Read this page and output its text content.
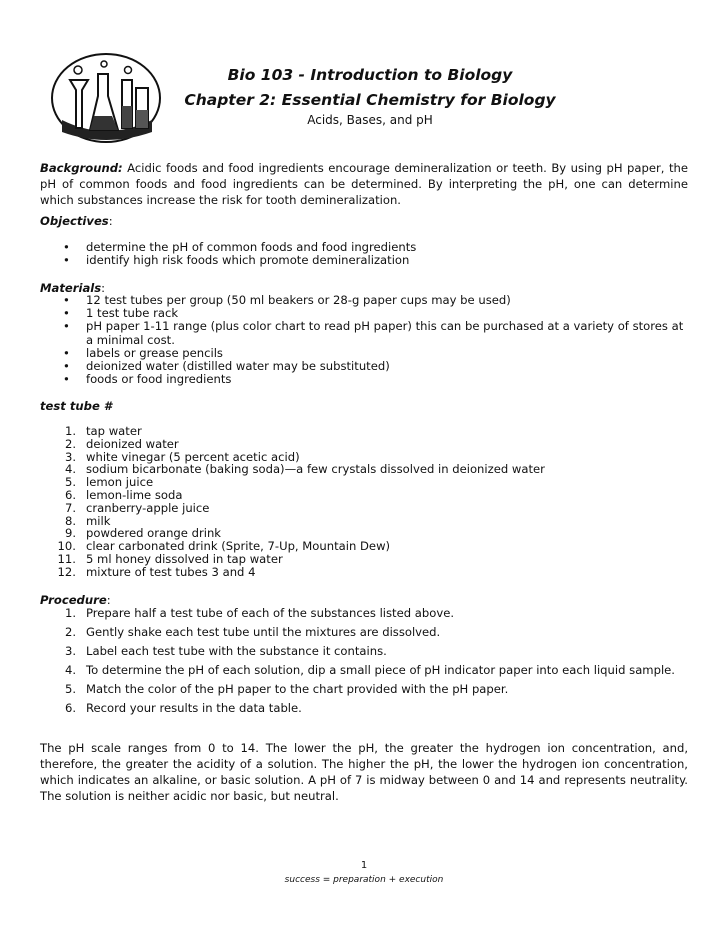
Bio 103 - Introduction to Biology
Chapter 2: Essential Chemistry for Biology
Acids, Bases, and pH

Background: Acidic foods and food ingredients encourage demineralization or teeth. By using pH paper, the pH of common foods and food ingredients can be determined. By interpreting the pH, one can determine which substances increase the risk for tooth demineralization.

Objectives:
• determine the pH of common foods and food ingredients
• identify high risk foods which promote demineralization
Materials:
• 12 test tubes per group (50 ml beakers or 28-g paper cups may be used)
• 1 test tube rack
• pH paper 1-11 range (plus color chart to read pH paper) this can be purchased at a variety of stores at a minimal cost.
• labels or grease pencils
• deionized water (distilled water may be substituted)
• foods or food ingredients
test tube #
1. tap water
2. deionized water
3. white vinegar (5 percent acetic acid)
4. sodium bicarbonate (baking soda)—a few crystals dissolved in deionized water
5. lemon juice
6. lemon-lime soda
7. cranberry-apple juice
8. milk
9. powdered orange drink
10. clear carbonated drink (Sprite, 7-Up, Mountain Dew)
11. 5 ml honey dissolved in tap water
12. mixture of test tubes 3 and 4
Procedure:
1. Prepare half a test tube of each of the substances listed above.
2. Gently shake each test tube until the mixtures are dissolved.
3. Label each test tube with the substance it contains.
4. To determine the pH of each solution, dip a small piece of pH indicator paper into each liquid sample.
5. Match the color of the pH paper to the chart provided with the pH paper.
6. Record your results in the data table.

The pH scale ranges from 0 to 14. The lower the pH, the greater the hydrogen ion concentration, and, therefore, the greater the acidity of a solution. The higher the pH, the lower the hydrogen ion concentration, which indicates an alkaline, or basic solution. A pH of 7 is midway between 0 and 14 and represents neutrality. The solution is neither acidic nor basic, but neutral.

1
success = preparation + execution
